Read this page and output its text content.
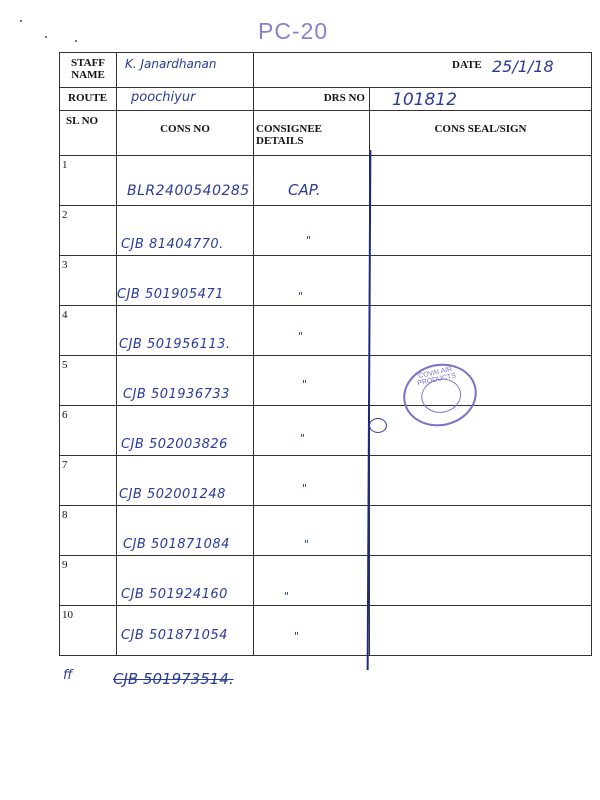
PC-20
STAFF NAME	K. Janardhanan	DATE 25/1/18	

ROUTE	poochiyur	DRS NO	101812

SL NO	CONS NO	CONSIGNEE DETAILS	CONS SEAL/SIGN

1	BLR2400540285	CAP.	

2	CJB 81404770.	"	

3	CJB 501905471	"	

4	CJB 501956113.	"	

5	CJB 501936733	"	

6	CJB 502003826	"	

7	CJB 502001248	"	

8	CJB 501871084	"	

9	CJB 501924160	"	

10	CJB 501871054	"	

COVAI AIR PRODUCTS
ff	CJB 501973514.
